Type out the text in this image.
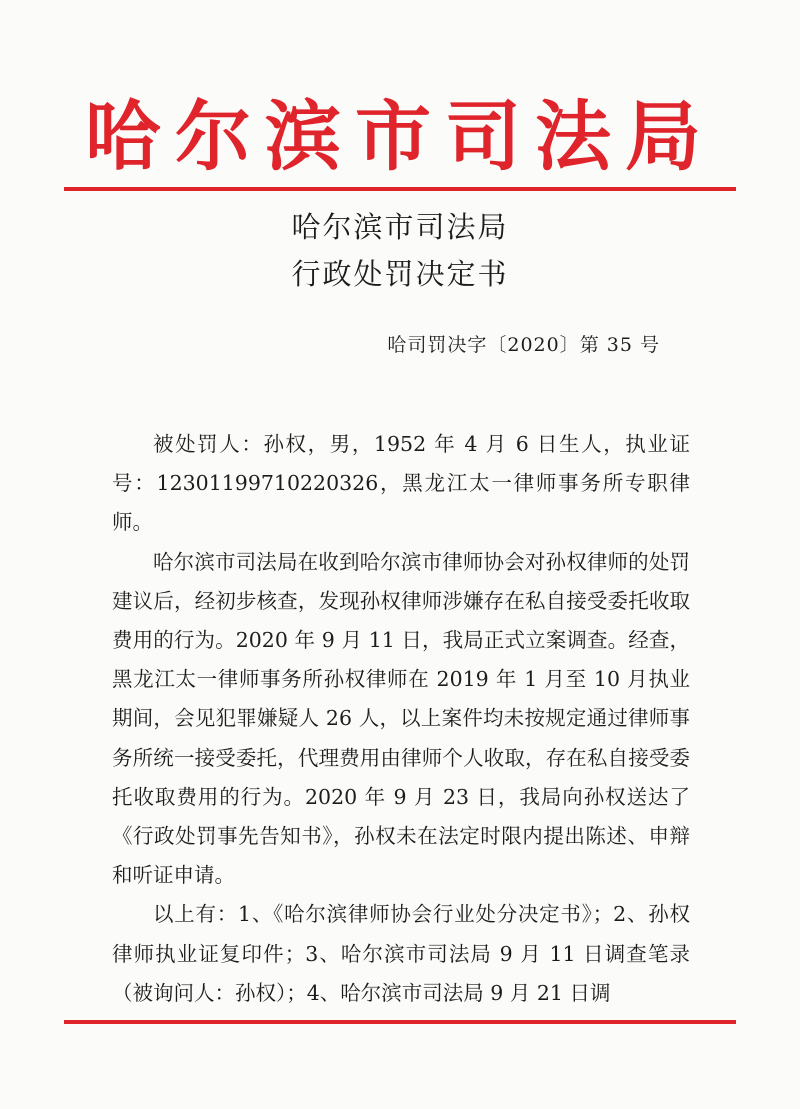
哈尔滨市司法局
哈尔滨市司法局
行政处罚决定书
哈司罚决字〔2020〕第 35 号

被处罚人：孙权，男，1952 年 4 月 6 日生人，执业证号：12301199710220326，黑龙江太一律师事务所专职律师。

哈尔滨市司法局在收到哈尔滨市律师协会对孙权律师的处罚建议后，经初步核查，发现孙权律师涉嫌存在私自接受委托收取费用的行为。2020 年 9 月 11 日，我局正式立案调查。经查，黑龙江太一律师事务所孙权律师在 2019 年 1 月至 10 月执业期间，会见犯罪嫌疑人 26 人，以上案件均未按规定通过律师事务所统一接受委托，代理费用由律师个人收取，存在私自接受委托收取费用的行为。2020 年 9 月 23 日，我局向孙权送达了《行政处罚事先告知书》，孙权未在法定时限内提出陈述、申辩和听证申请。

以上有：1、《哈尔滨律师协会行业处分决定书》；2、孙权律师执业证复印件；3、哈尔滨市司法局 9 月 11 日调查笔录（被询问人：孙权）；4、哈尔滨市司法局 9 月 21 日调
